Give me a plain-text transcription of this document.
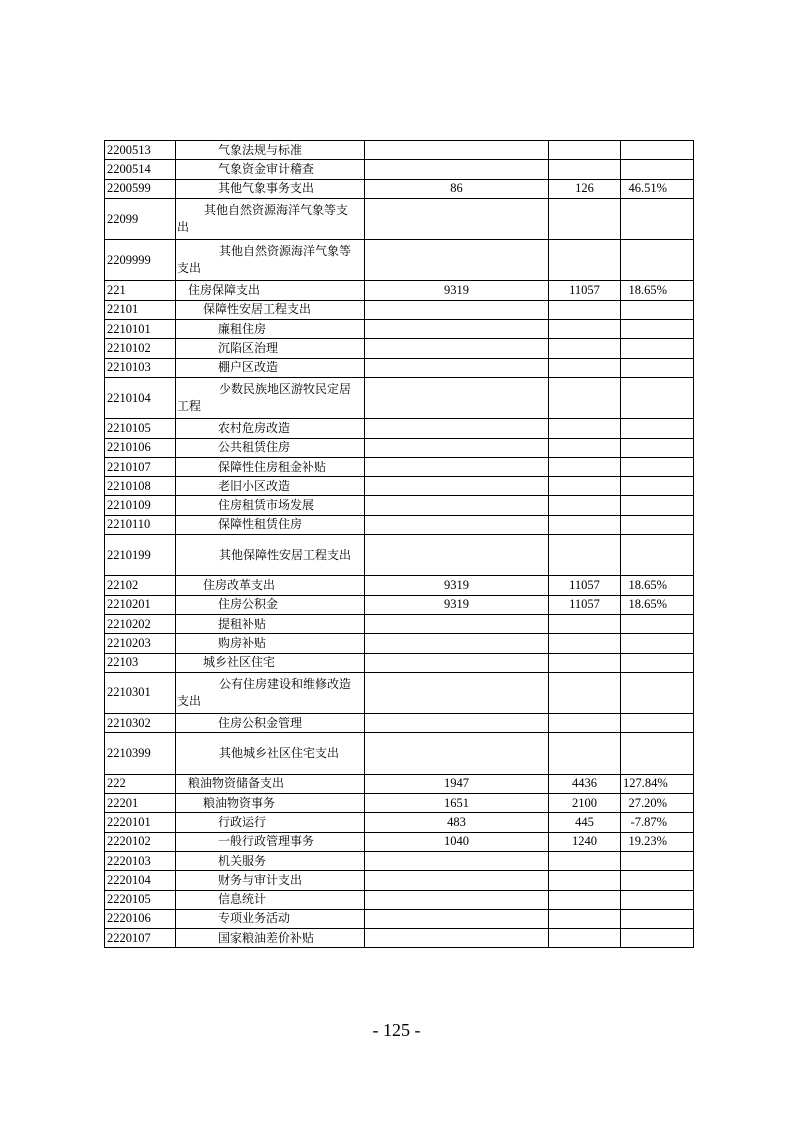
2200513	气象法规与标准			

2200514	气象资金审计稽查			

2200599	其他气象事务支出	86	126	46.51%
22099	其他自然资源海洋气象等支出			

2209999	其他自然资源海洋气象等支出			

221	住房保障支出	9319	11057	18.65%
22101	保障性安居工程支出			

2210101	廉租住房			

2210102	沉陷区治理			

2210103	棚户区改造			

2210104	少数民族地区游牧民定居工程			

2210105	农村危房改造			

2210106	公共租赁住房			

2210107	保障性住房租金补贴			

2210108	老旧小区改造			

2210109	住房租赁市场发展			

2210110	保障性租赁住房			

2210199	其他保障性安居工程支出			

22102	住房改革支出	9319	11057	18.65%
2210201	住房公积金	9319	11057	18.65%
2210202	提租补贴			

2210203	购房补贴			

22103	城乡社区住宅			

2210301	公有住房建设和维修改造支出			

2210302	住房公积金管理			

2210399	其他城乡社区住宅支出			

222	粮油物资储备支出	1947	4436	127.84%
22201	粮油物资事务	1651	2100	27.20%
2220101	行政运行	483	445	-7.87%
2220102	一般行政管理事务	1040	1240	19.23%
2220103	机关服务			

2220104	财务与审计支出			

2220105	信息统计			

2220106	专项业务活动			

2220107	国家粮油差价补贴			

- 125 -
